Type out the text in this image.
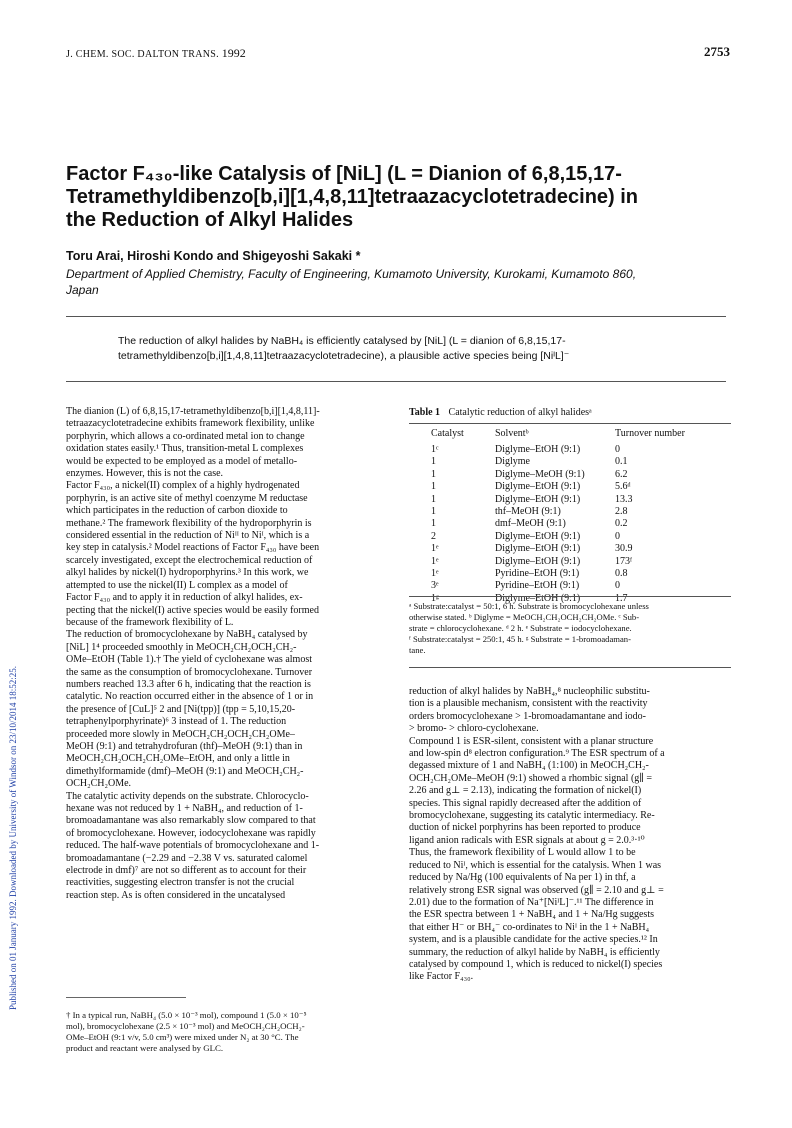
J. CHEM. SOC. DALTON TRANS. 1992	2753
Published on 01 January 1992. Downloaded by University of Windsor on 23/10/2014 18:52:25.

Factor F₄₃₀-like Catalysis of [NiL] (L = Dianion of 6,8,15,17-

Tetramethyldibenzo[b,i][1,4,8,11]tetraazacyclotetradecine) in

the Reduction of Alkyl Halides

Toru Arai, Hiroshi Kondo and Shigeyoshi Sakaki *

Department of Applied Chemistry, Faculty of Engineering, Kumamoto University, Kurokami, Kumamoto 860,

Japan

The reduction of alkyl halides by NaBH₄ is efficiently catalysed by [NiL] (L = dianion of 6,8,15,17-

tetramethyldibenzo[b,i][1,4,8,11]tetraazacyclotetradecine), a plausible active species being [NiᴵL]⁻

The dianion (L) of 6,8,15,17-tetramethyldibenzo[b,i][1,4,8,11]-

tetraazacyclotetradecine exhibits framework flexibility, unlike

porphyrin, which allows a co-ordinated metal ion to change

oxidation states easily.¹ Thus, transition-metal L complexes

would be expected to be employed as a model of metallo-

enzymes. However, this is not the case.

Factor F₄₃₀, a nickel(II) complex of a highly hydrogenated

porphyrin, is an active site of methyl coenzyme M reductase

which participates in the reduction of carbon dioxide to

methane.² The framework flexibility of the hydroporphyrin is

considered essential in the reduction of Niᴵᴵ to Niᴵ, which is a

key step in catalysis.² Model reactions of Factor F₄₃₀ have been

scarcely investigated, except the electrochemical reduction of

alkyl halides by nickel(I) hydroporphyrins.³ In this work, we

attempted to use the nickel(II) L complex as a model of

Factor F₄₃₀ and to apply it in reduction of alkyl halides, ex-

pecting that the nickel(I) active species would be easily formed

because of the framework flexibility of L.

The reduction of bromocyclohexane by NaBH₄ catalysed by

[NiL] 1⁴ proceeded smoothly in MeOCH₂CH₂OCH₂CH₂-

OMe–EtOH (Table 1).† The yield of cyclohexane was almost

the same as the consumption of bromocyclohexane. Turnover

numbers reached 13.3 after 6 h, indicating that the reaction is

catalytic. No reaction occurred either in the absence of 1 or in

the presence of [CuL]⁵ 2 and [Ni(tpp)] (tpp = 5,10,15,20-

tetraphenylporphyrinate)⁶ 3 instead of 1. The reduction

proceeded more slowly in MeOCH₂CH₂OCH₂CH₂OMe–

MeOH (9:1) and tetrahydrofuran (thf)–MeOH (9:1) than in

MeOCH₂CH₂OCH₂CH₂OMe–EtOH, and only a little in

dimethylformamide (dmf)–MeOH (9:1) and MeOCH₂CH₂-

OCH₂CH₂OMe.

The catalytic activity depends on the substrate. Chlorocyclo-

hexane was not reduced by 1 + NaBH₄, and reduction of 1-

bromoadamantane was also remarkably slow compared to that

of bromocyclohexane. However, iodocyclohexane was rapidly

reduced. The half-wave potentials of bromocyclohexane and 1-

bromoadamantane (−2.29 and −2.38 V vs. saturated calomel

electrode in dmf)⁷ are not so different as to account for their

reactivities, suggesting electron transfer is not the crucial

reaction step. As is often considered in the uncatalysed

† In a typical run, NaBH₄ (5.0 × 10⁻³ mol), compound 1 (5.0 × 10⁻⁵

mol), bromocyclohexane (2.5 × 10⁻³ mol) and MeOCH₂CH₂OCH₂-

OMe–EtOH (9:1 v/v, 5.0 cm³) were mixed under N₂ at 30 °C. The

product and reactant were analysed by GLC.

Table 1 Catalytic reduction of alkyl halidesᵃ
Catalyst	Solventᵇ	Turnover number
1ᶜ	Diglyme–EtOH (9:1)	0
1	Diglyme	0.1
1	Diglyme–MeOH (9:1)	6.2
1	Diglyme–EtOH (9:1)	5.6ᵈ
1	Diglyme–EtOH (9:1)	13.3
1	thf–MeOH (9:1)	2.8
1	dmf–MeOH (9:1)	0.2
2	Diglyme–EtOH (9:1)	0
1ᵉ	Diglyme–EtOH (9:1)	30.9
1ᵉ	Diglyme–EtOH (9:1)	173ᶠ
1ᵉ	Pyridine–EtOH (9:1)	0.8
3ᵉ	Pyridine–EtOH (9:1)	0
1ᵍ	Diglyme–EtOH (9:1)	1.7

ᵃ Substrate:catalyst = 50:1, 6 h. Substrate is bromocyclohexane unless

otherwise stated. ᵇ Diglyme = MeOCH₂CH₂OCH₂CH₂OMe. ᶜ Sub-

strate = chlorocyclohexane. ᵈ 2 h. ᵉ Substrate = iodocyclohexane.

ᶠ Substrate:catalyst = 250:1, 45 h. ᵍ Substrate = 1-bromoadaman-

tane.

reduction of alkyl halides by NaBH₄,⁸ nucleophilic substitu-

tion is a plausible mechanism, consistent with the reactivity

orders bromocyclohexane > 1-bromoadamantane and iodo-

> bromo- > chloro-cyclohexane.

Compound 1 is ESR-silent, consistent with a planar structure

and low-spin d⁸ electron configuration.⁹ The ESR spectrum of a

degassed mixture of 1 and NaBH₄ (1:100) in MeOCH₂CH₂-

OCH₂CH₂OMe–MeOH (9:1) showed a rhombic signal (g∥ =

2.26 and g⊥ = 2.13), indicating the formation of nickel(I)

species. This signal rapidly decreased after the addition of

bromocyclohexane, suggesting its catalytic intermediacy. Re-

duction of nickel porphyrins has been reported to produce

ligand anion radicals with ESR signals at about g = 2.0.³·¹⁰

Thus, the framework flexibility of L would allow 1 to be

reduced to Niᴵ, which is essential for the catalysis. When 1 was

reduced by Na/Hg (100 equivalents of Na per 1) in thf, a

relatively strong ESR signal was observed (g∥ = 2.10 and g⊥ =

2.01) due to the formation of Na⁺[NiᴵL]⁻.¹¹ The difference in

the ESR spectra between 1 + NaBH₄ and 1 + Na/Hg suggests

that either H⁻ or BH₄⁻ co-ordinates to Niᴵ in the 1 + NaBH₄

system, and is a plausible candidate for the active species.¹² In

summary, the reduction of alkyl halide by NaBH₄ is efficiently

catalysed by compound 1, which is reduced to nickel(I) species

like Factor F₄₃₀.
